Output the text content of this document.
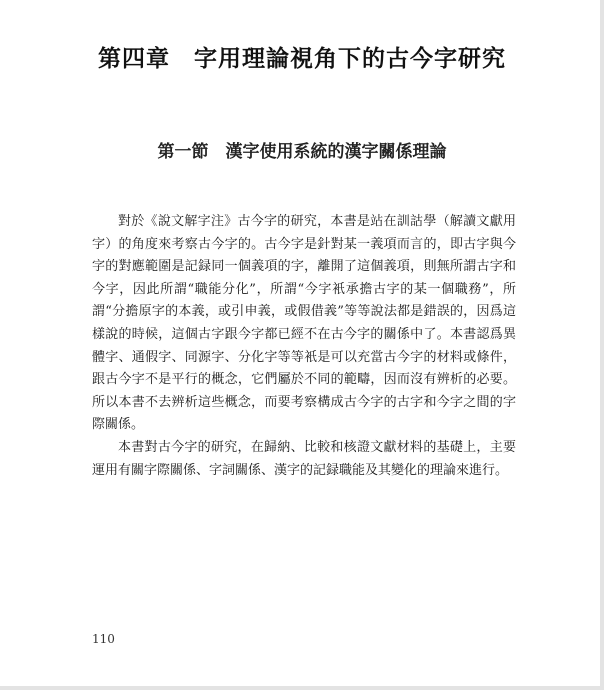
第四章　字用理論視角下的古今字研究
第一節　漢字使用系統的漢字關係理論

對於《說文解字注》古今字的研究，本書是站在訓詁學（解讀文獻用字）的角度來考察古今字的。古今字是針對某一義項而言的，即古字與今字的對應範圍是記録同一個義項的字，離開了這個義項，則無所謂古字和今字，因此所謂“職能分化”，所謂“今字衹承擔古字的某一個職務”，所謂“分擔原字的本義，或引申義，或假借義”等等說法都是錯誤的，因爲這樣說的時候，這個古字跟今字都已經不在古今字的關係中了。本書認爲異體字、通假字、同源字、分化字等等衹是可以充當古今字的材料或條件，跟古今字不是平行的概念，它們屬於不同的範疇，因而沒有辨析的必要。所以本書不去辨析這些概念，而要考察構成古今字的古字和今字之間的字際關係。

本書對古今字的研究，在歸納、比較和核證文獻材料的基礎上，主要運用有關字際關係、字詞關係、漢字的記録職能及其變化的理論來進行。

110
